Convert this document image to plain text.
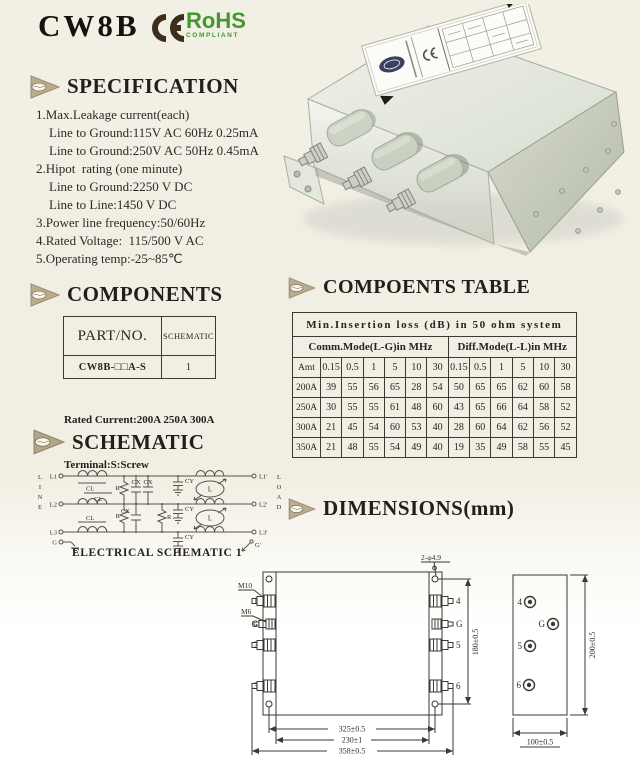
CW8B RoHS
COMPLIANT
SPECIFICATION
1.Max.Leakage current(each)
Line to Ground:115V AC 60Hz 0.25mA
Line to Ground:250V AC 50Hz 0.45mA
2.Hipot  rating (one minute)
Line to Ground:2250 V DC
Line to Line:1450 V DC
3.Power line frequency:50/60Hz
4.Rated Voltage:  115/500 V AC
5.Operating temp:-25~85℃
COMPONENTS
PART/NO.	SCHEMATIC
CW8B-□□A-S	1

Rated Current:200A 250A 300A

Terminal:S:Screw

COMPOENTS TABLE
Min.Insertion loss (dB) in 50 ohm system												
Comm.Mode(L-G)in MHz							Diff.Mode(L-L)in MHz					
Amt	0.15	0.5	1	5	10	30	0.15	0.5	1	5	10	30
200A	39	55	56	65	28	54	50	65	65	62	60	58
250A	30	55	55	61	48	60	43	65	66	64	58	52
300A	21	45	54	60	53	40	28	60	64	62	56	52
350A	21	48	55	54	49	40	19	35	49	58	55	45
SCHEMATIC
L
I
N
E
L1
L2
L3
G
CL
CL
CL
R
R	R
CX CX
CX
CY
CY
CY
L
L
L1'
L2'
L3'
G'
L
O
A
D
ELECTRICAL SCHEMATIC 1
DIMENSIONS(mm)
M10
M6
2-φ4.9
1
G
2
3
4
G
5
6
180±0.5
325±0.5
230±1
358±0.5
4
G
5
6
200±0.5
100±0.5
